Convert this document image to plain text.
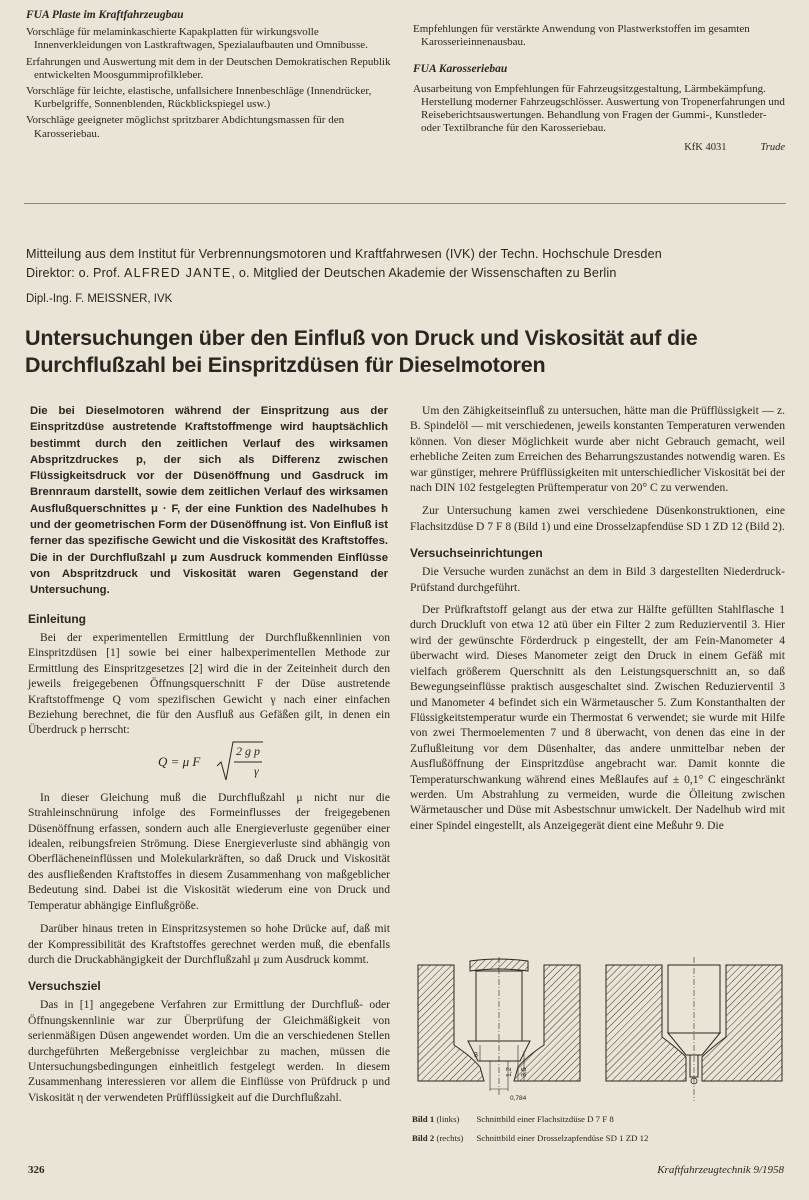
FUA Plaste im Kraftfahrzeugbau

Vorschläge für melaminkaschierte Kapakplatten für wirkungsvolle Innenverkleidungen von Lastkraftwagen, Spezialaufbauten und Omnibusse.

Erfahrungen und Auswertung mit dem in der Deutschen Demokratischen Republik entwickelten Moosgummiprofilkleber.

Vorschläge für leichte, elastische, unfallsichere Innenbeschläge (Innendrücker, Kurbelgriffe, Sonnenblenden, Rückblickspiegel usw.)

Vorschläge geeigneter möglichst spritzbarer Abdichtungsmassen für den Karosseriebau.

Empfehlungen für verstärkte Anwendung von Plastwerkstoffen im gesamten Karosserieinnenausbau.

FUA Karosseriebau

Ausarbeitung von Empfehlungen für Fahrzeugsitzgestaltung, Lärmbekämpfung. Herstellung moderner Fahrzeugschlösser. Auswertung von Tropenerfahrungen und Reiseberichtsauswertungen. Behandlung von Fragen der Gummi-, Kunstleder- oder Textilbranche für den Karosseriebau.

KfK 4031	Trude
Mitteilung aus dem Institut für Verbrennungsmotoren und Kraftfahrwesen (IVK) der Techn. Hochschule Dresden
Direktor: o. Prof. ALFRED JANTE, o. Mitglied der Deutschen Akademie der Wissenschaften zu Berlin
Dipl.-Ing. F. MEISSNER, IVK
Untersuchungen über den Einfluß von Druck und Viskosität auf die Durchflußzahl bei Einspritzdüsen für Dieselmotoren
Die bei Dieselmotoren während der Einspritzung aus der Einspritzdüse austretende Kraftstoffmenge wird hauptsächlich bestimmt durch den zeitlichen Verlauf des wirksamen Abspritzdruckes p, der sich als Differenz zwischen Flüssigkeitsdruck vor der Düsenöffnung und Gasdruck im Brennraum darstellt, sowie dem zeitlichen Verlauf des wirksamen Ausflußquerschnittes μ · F, der eine Funktion des Nadelhubes h und der geometrischen Form der Düsenöffnung ist. Von Einfluß ist ferner das spezifische Gewicht und die Viskosität des Kraftstoffes. Die in der Durchflußzahl μ zum Ausdruck kommenden Einflüsse von Abspritzdruck und Viskosität waren Gegenstand der Untersuchung.
Einleitung

Bei der experimentellen Ermittlung der Durchflußkennlinien von Einspritzdüsen [1] sowie bei einer halbexperimentellen Methode zur Ermittlung des Einspritzgesetzes [2] wird die in der Zeiteinheit durch den jeweils freigegebenen Öffnungsquerschnitt F der Düse austretende Kraftstoffmenge Q vom spezifischen Gewicht γ nach einer einfachen Beziehung berechnet, die für den Ausfluß aus Gefäßen gilt, in denen ein Überdruck p herrscht:

Q = μ F
2 g p
γ

In dieser Gleichung muß die Durchflußzahl μ nicht nur die Strahleinschnürung infolge des Formeinflusses der freigegebenen Düsenöffnung erfassen, sondern auch alle Energieverluste gegenüber einer idealen, reibungsfreien Strömung. Diese Energieverluste sind abhängig von Oberflächeneinflüssen und Molekularkräften, so daß Druck und Viskosität des ausfließenden Kraftstoffes in diesem Zusammenhang von maßgeblicher Bedeutung sind. Dabei ist die Viskosität wiederum eine von Druck und Temperatur abhängige Einflußgröße.

Darüber hinaus treten in Einspritzsystemen so hohe Drücke auf, daß mit der Kompressibilität des Kraftstoffes gerechnet werden muß, die ebenfalls durch die Druckabhängigkeit der Durchflußzahl μ zum Ausdruck kommt.

Versuchsziel

Das in [1] angegebene Verfahren zur Ermittlung der Durchfluß- oder Öffnungskennlinie war zur Überprüfung der Gleichmäßigkeit von serienmäßigen Düsen angewendet worden. Um die an verschiedenen Stellen durchgeführten Meßergebnisse vergleichbar zu machen, müssen die Untersuchungsbedingungen einheitlich festgelegt werden. In diesem Zusammenhang interessieren vor allem die Einflüsse von Prüfdruck p und Viskosität η der verwendeten Prüfflüssigkeit auf die Durchflußzahl.

Um den Zähigkeitseinfluß zu untersuchen, hätte man die Prüfflüssigkeit — z. B. Spindelöl — mit verschiedenen, jeweils konstanten Temperaturen verwenden können. Von dieser Möglichkeit wurde aber nicht Gebrauch gemacht, weil erhebliche Zeiten zum Erreichen des Beharrungszustandes notwendig waren. Es war günstiger, mehrere Prüfflüssigkeiten mit unterschiedlicher Viskosität bei der nach DIN 102 festgelegten Prüftemperatur von 20° C zu verwenden.

Zur Untersuchung kamen zwei verschiedene Düsenkonstruktionen, eine Flachsitzdüse D 7 F 8 (Bild 1) und eine Drosselzapfendüse SD 1 ZD 12 (Bild 2).

Versuchseinrichtungen

Die Versuche wurden zunächst an dem in Bild 3 dargestellten Niederdruck-Prüfstand durchgeführt.

Der Prüfkraftstoff gelangt aus der etwa zur Hälfte gefüllten Stahlflasche 1 durch Druckluft von etwa 12 atü über ein Filter 2 zum Reduzierventil 3. Hier wird der gewünschte Förderdruck p eingestellt, der am Fein-Manometer 4 überwacht wird. Dieses Manometer zeigt den Druck in einem Gefäß mit vielfach größerem Querschnitt als den Leistungsquerschnitt an, so daß Bewegungseinflüsse praktisch ausgeschaltet sind. Zwischen Reduzierventil 3 und Manometer 4 befindet sich ein Wärmetauscher 5. Zum Konstanthalten der Flüssigkeitstemperatur wurde ein Thermostat 6 verwendet; sie wurde mit Hilfe von zwei Thermoelementen 7 und 8 überwacht, von denen das eine in der Zuflußleitung vor dem Düsenhalter, das andere unmittelbar neben der Ausflußöffnung der Einspritzdüse angebracht war. Damit konnte die Temperaturschwankung während eines Meßlaufes auf ± 0,1° C eingeschränkt werden. Um Abstrahlung zu vermeiden, wurde die Ölleitung zwischen Wärmetauscher und Düse mit Asbestschnur umwickelt. Der Nadelhub wird mit einer Spindel eingestellt, als Anzeigegerät dient eine Meßuhr 9. Die

3
1,2 3,5
0,784
Bild 1 (links) Schnittbild einer Flachsitzdüse D 7 F 8
Bild 2 (rechts) Schnittbild einer Drosselzapfendüse SD 1 ZD 12
326	Kraftfahrzeugtechnik 9/1958
